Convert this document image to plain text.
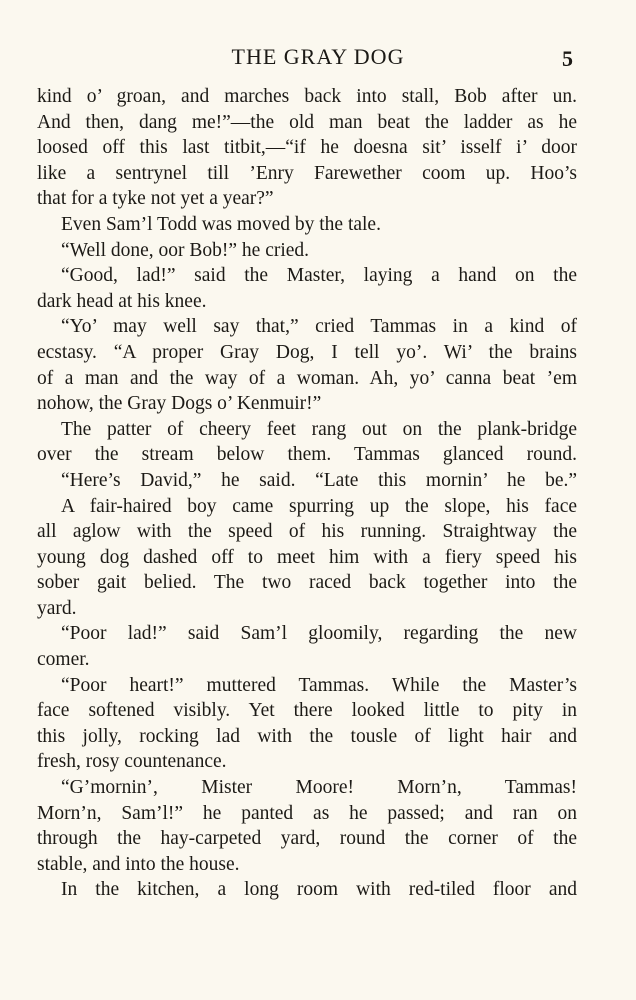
THE GRAY DOG	5
kind o’ groan, and marches back into stall, Bob after un.
And then, dang me!”—the old man beat the ladder as he
loosed off this last titbit,—“if he doesna sit’ isself i’ door
like a sentrynel till ’Enry Farewether coom up. Hoo’s
that for a tyke not yet a year?”
Even Sam’l Todd was moved by the tale.
“Well done, oor Bob!” he cried.
“Good, lad!” said the Master, laying a hand on the
dark head at his knee.
“Yo’ may well say that,” cried Tammas in a kind of
ecstasy. “A proper Gray Dog, I tell yo’. Wi’ the brains
of a man and the way of a woman. Ah, yo’ canna beat ’em
nohow, the Gray Dogs o’ Kenmuir!”
The patter of cheery feet rang out on the plank-bridge
over the stream below them. Tammas glanced round.
“Here’s David,” he said. “Late this mornin’ he be.”
A fair-haired boy came spurring up the slope, his face
all aglow with the speed of his running. Straightway the
young dog dashed off to meet him with a fiery speed his
sober gait belied. The two raced back together into the
yard.
“Poor lad!” said Sam’l gloomily, regarding the new
comer.
“Poor heart!” muttered Tammas. While the Master’s
face softened visibly. Yet there looked little to pity in
this jolly, rocking lad with the tousle of light hair and
fresh, rosy countenance.
“G’mornin’, Mister Moore! Morn’n, Tammas!
Morn’n, Sam’l!” he panted as he passed; and ran on
through the hay-carpeted yard, round the corner of the
stable, and into the house.
In the kitchen, a long room with red-tiled floor and
